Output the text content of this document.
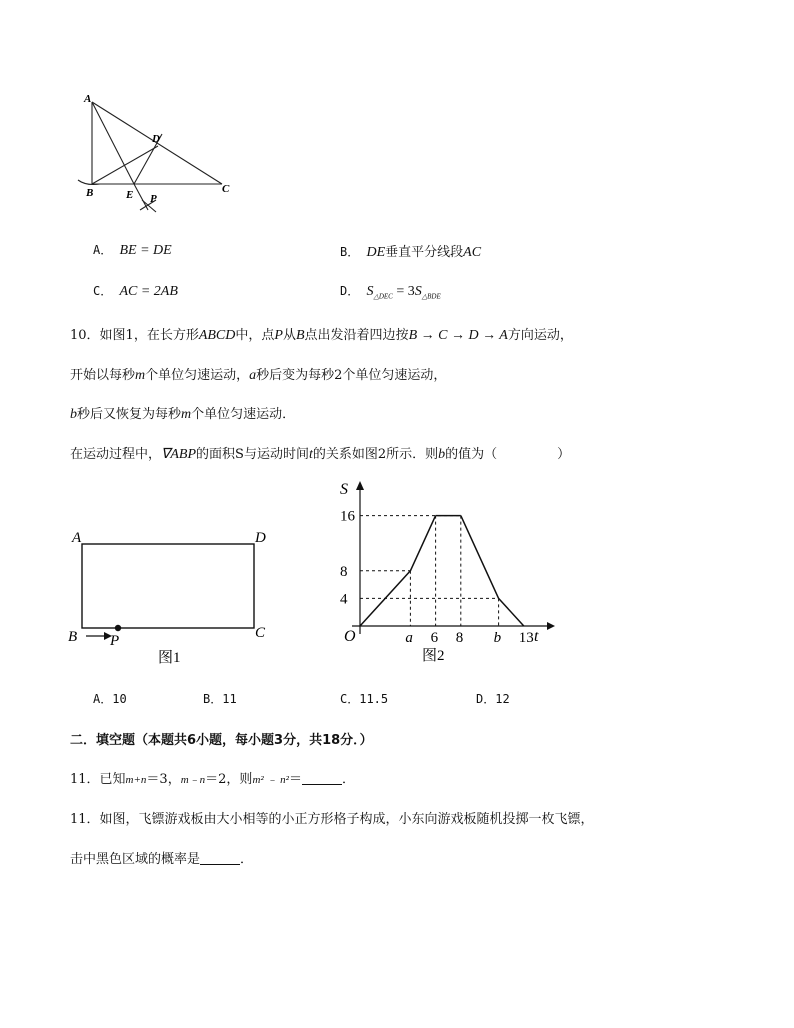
A
B	C
D
E P
A． BE = DE	B． DE垂直平分线段AC
C． AC = 2AB	D． $S_{\triangle DEC} = 3S_{\triangle BDE}$
10．如图1，在长方形ABCD中，点P从B点出发沿着四边按B → C → D → A方向运动，
开始以每秒m个单位匀速运动，a秒后变为每秒2个单位匀速运动，
b秒后又恢复为每秒m个单位匀速运动．
在运动过程中，∇ABP的面积S与运动时间t的关系如图2所示．则b的值为（	）
A	D
B	C
P
图1
16
8
4
a 6 8 b 13
S
t
O
图2
A．10	B．11	C．11.5	D．12
二．填空题（本题共6小题，每小题3分，共18分．）
11．已知m+n＝3，m﹣n＝2，则m² ﹣ n²＝	．
11．如图，飞镖游戏板由大小相等的小正方形格子构成，小东向游戏板随机投掷一枚飞镖，
击中黑色区域的概率是	．
